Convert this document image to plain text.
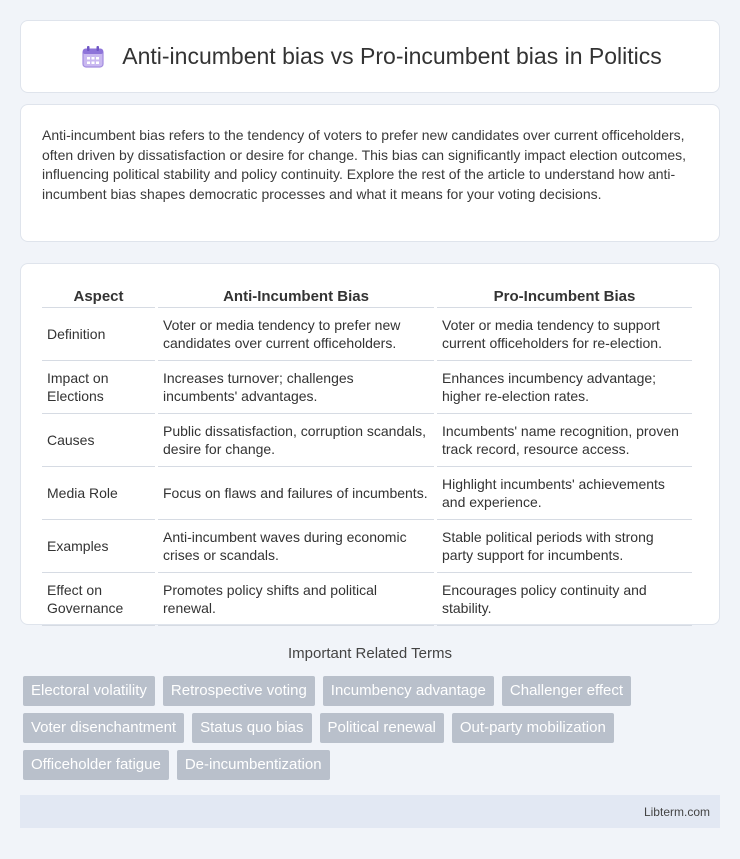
Anti-incumbent bias vs Pro-incumbent bias in Politics

Anti-incumbent bias refers to the tendency of voters to prefer new candidates over current officeholders, often driven by dissatisfaction or desire for change. This bias can significantly impact election outcomes, influencing political stability and policy continuity. Explore the rest of the article to understand how anti-incumbent bias shapes democratic processes and what it means for your voting decisions.

Aspect	Anti-Incumbent Bias	Pro-Incumbent Bias
Definition	Voter or media tendency to prefer new candidates over current officeholders.	Voter or media tendency to support current officeholders for re-election.
Impact on Elections	Increases turnover; challenges incumbents' advantages.	Enhances incumbency advantage; higher re-election rates.
Causes	Public dissatisfaction, corruption scandals, desire for change.	Incumbents' name recognition, proven track record, resource access.
Media Role	Focus on flaws and failures of incumbents.	Highlight incumbents' achievements and experience.
Examples	Anti-incumbent waves during economic crises or scandals.	Stable political periods with strong party support for incumbents.
Effect on Governance	Promotes policy shifts and political renewal.	Encourages policy continuity and stability.
Important Related Terms
Electoral volatility	Retrospective voting	Incumbency advantage	Challenger effect
Voter disenchantment	Status quo bias	Political renewal	Out-party mobilization
Officeholder fatigue	De-incumbentization
Libterm.com
